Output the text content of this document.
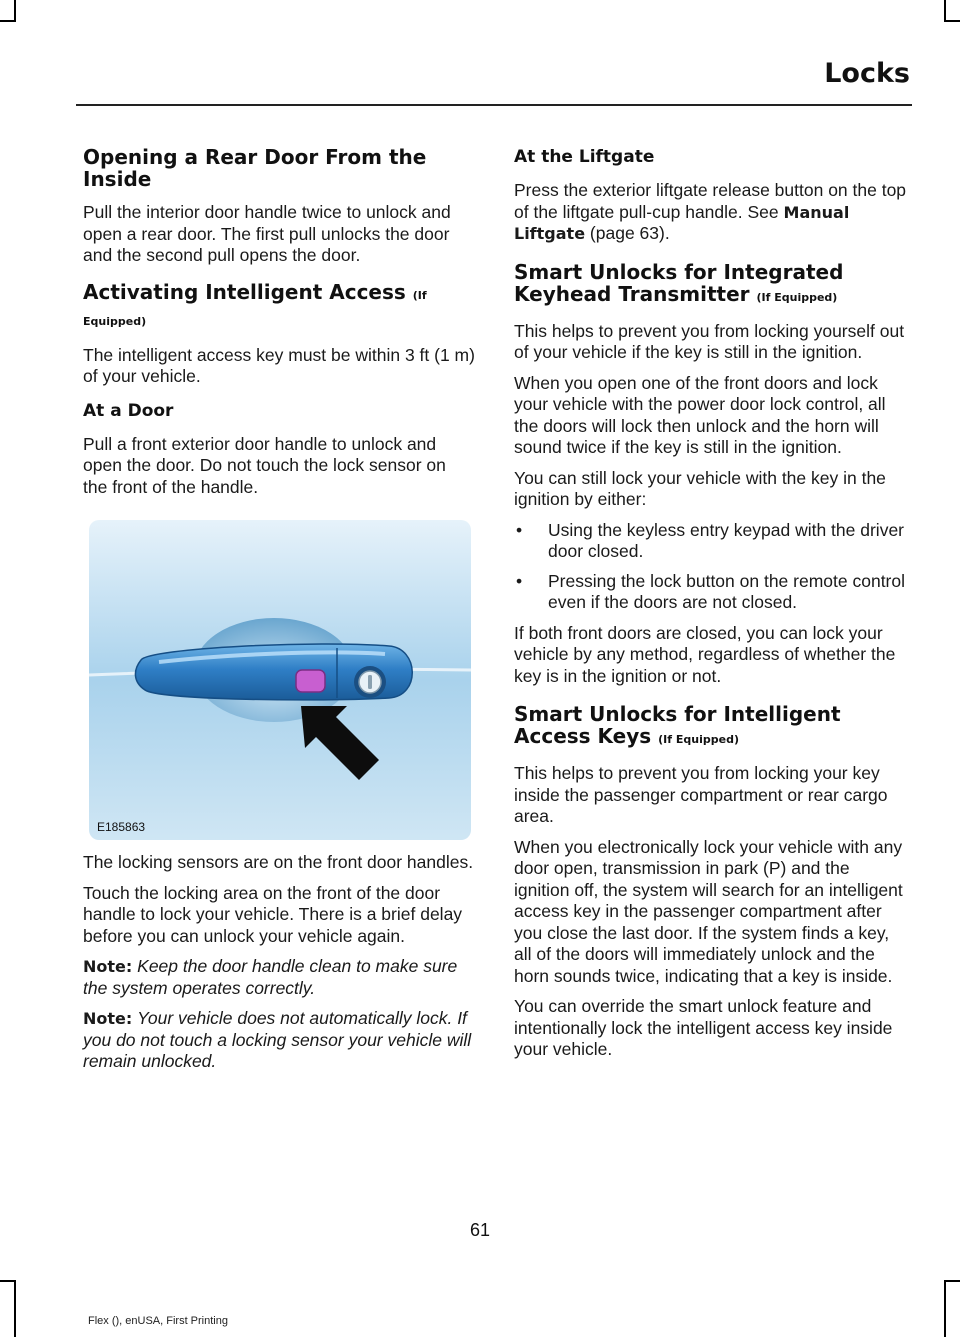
Locks
Opening a Rear Door From the Inside

Pull the interior door handle twice to unlock and open a rear door. The first pull unlocks the door and the second pull opens the door.

Activating Intelligent Access (If Equipped)

The intelligent access key must be within 3 ft (1 m) of your vehicle.

At a Door

Pull a front exterior door handle to unlock and open the door. Do not touch the lock sensor on the front of the handle.

E185863

The locking sensors are on the front door handles.

Touch the locking area on the front of the door handle to lock your vehicle. There is a brief delay before you can unlock your vehicle again.

Note: Keep the door handle clean to make sure the system operates correctly.

Note: Your vehicle does not automatically lock. If you do not touch a locking sensor your vehicle will remain unlocked.

At the Liftgate

Press the exterior liftgate release button on the top of the liftgate pull-cup handle. See Manual Liftgate (page 63).

Smart Unlocks for Integrated Keyhead Transmitter (If Equipped)

This helps to prevent you from locking yourself out of your vehicle if the key is still in the ignition.

When you open one of the front doors and lock your vehicle with the power door lock control, all the doors will lock then unlock and the horn will sound twice if the key is still in the ignition.

You can still lock your vehicle with the key in the ignition by either:

• Using the keyless entry keypad with the driver door closed.
• Pressing the lock button on the remote control even if the doors are not closed.

If both front doors are closed, you can lock your vehicle by any method, regardless of whether the key is in the ignition or not.

Smart Unlocks for Intelligent Access Keys (If Equipped)

This helps to prevent you from locking your key inside the passenger compartment or rear cargo area.

When you electronically lock your vehicle with any door open, transmission in park (P) and the ignition off, the system will search for an intelligent access key in the passenger compartment after you close the last door. If the system finds a key, all of the doors will immediately unlock and the horn sounds twice, indicating that a key is inside.

You can override the smart unlock feature and intentionally lock the intelligent access key inside your vehicle.

61
Flex (), enUSA, First Printing
